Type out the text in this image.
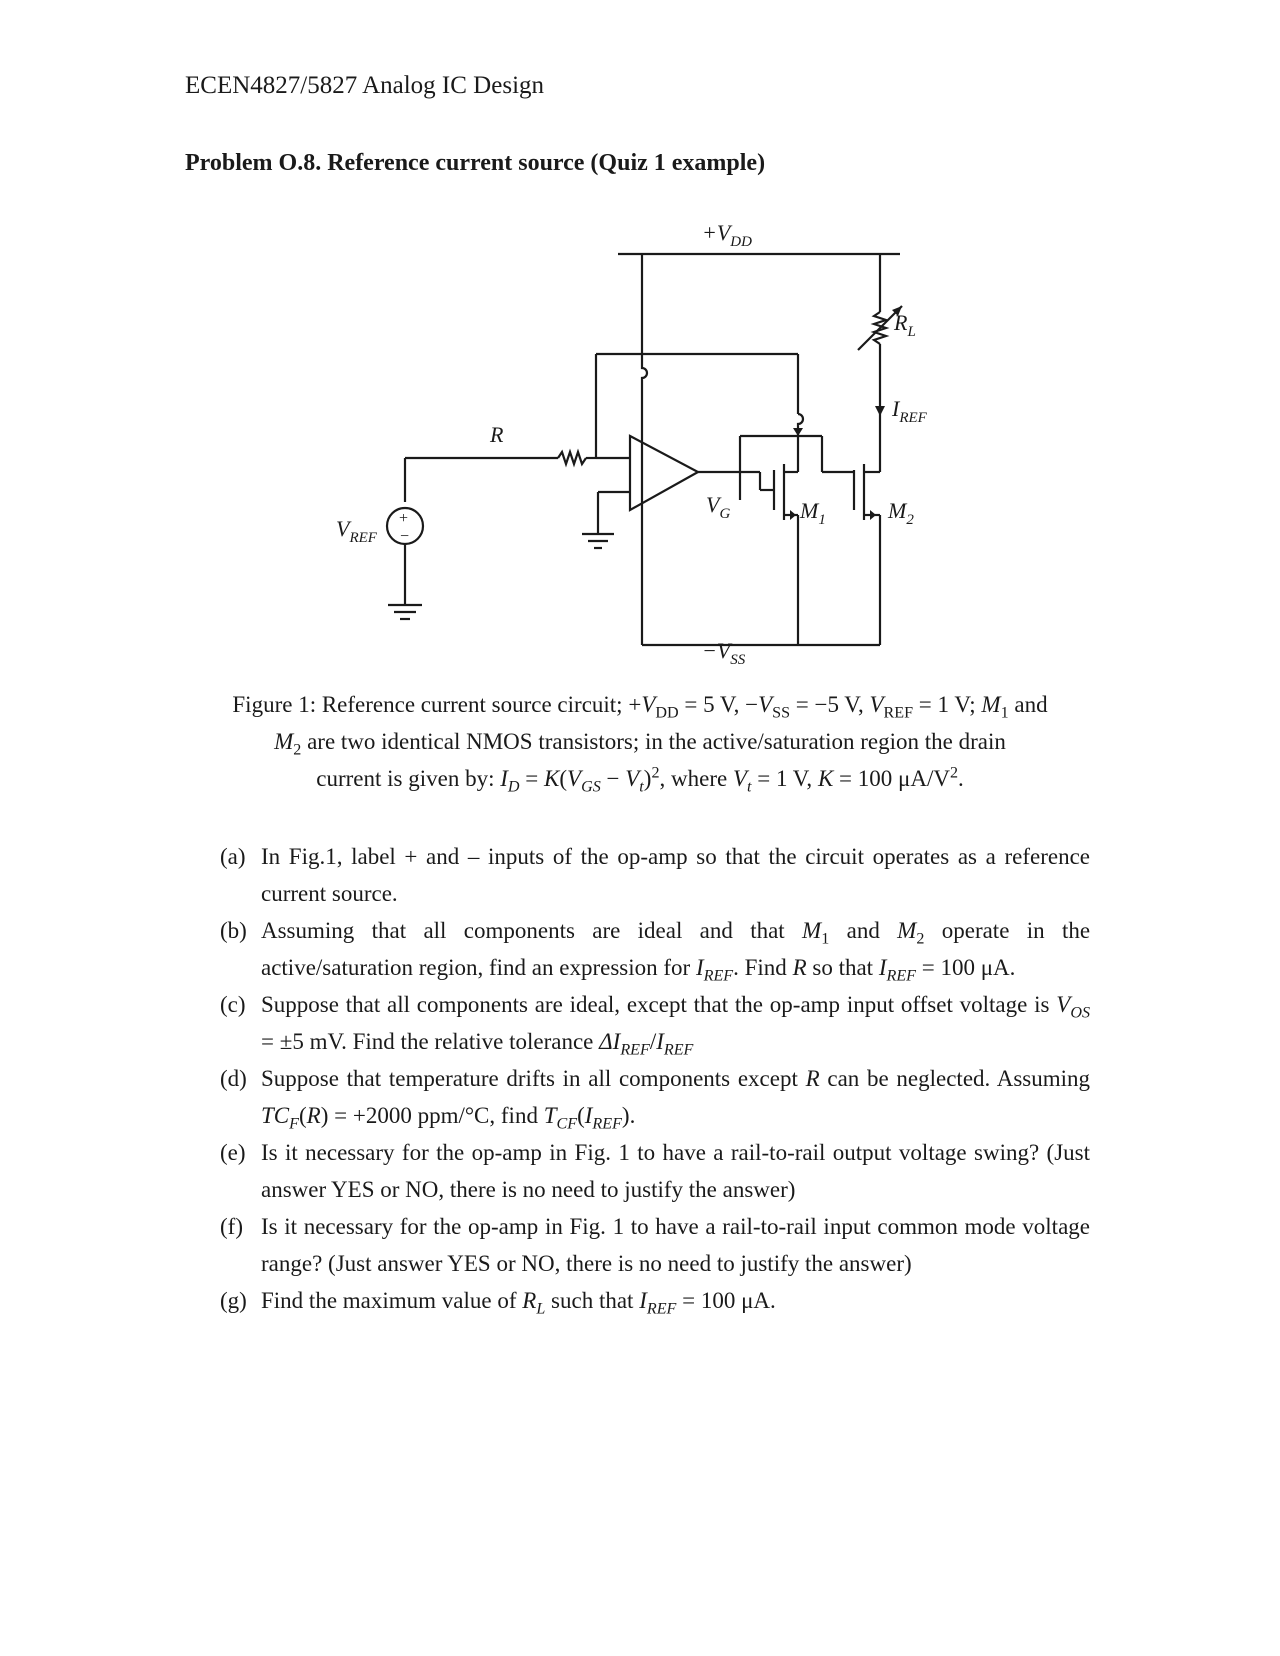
ECEN4827/5827 Analog IC Design
Problem O.8. Reference current source (Quiz 1 example)
$+V_{DD}$
$-V_{SS}$
$R_L$
$I_{REF}$
R
$V_G$	$M_1$	$M_2$
$V_{REF}$
+
−
Figure 1: Reference current source circuit; $+V_{DD} = 5$ V, $-V_{SS} = -5$ V, $V_{REF} = 1$ V; $M_1$ and
$M_2$ are two identical NMOS transistors; in the active/saturation region the drain
current is given by: $I_D = K(V_{GS} - V_t)^2$, where $V_t = 1$ V, K = 100 $\mu A/V^2$.
(a) In Fig.1, label + and – inputs of the op-amp so that the circuit operates as a reference current source.
(b) Assuming that all components are ideal and that $M_1$ and $M_2$ operate in the active/saturation region, find an expression for $I_{REF}$. Find R so that $I_{REF} = 100$ μA.
(c) Suppose that all components are ideal, except that the op-amp input offset voltage is $V_{OS} = \pm 5$ mV. Find the relative tolerance $\Delta I_{REF}/I_{REF}$
(d) Suppose that temperature drifts in all components except R can be neglected. Assuming $TC_F(R) = +2000$ ppm/°C, find $T_{CF}(I_{REF})$.
(e) Is it necessary for the op-amp in Fig. 1 to have a rail-to-rail output voltage swing? (Just answer YES or NO, there is no need to justify the answer)
(f) Is it necessary for the op-amp in Fig. 1 to have a rail-to-rail input common mode voltage range? (Just answer YES or NO, there is no need to justify the answer)
(g) Find the maximum value of $R_L$ such that $I_{REF} = 100$ μA.
